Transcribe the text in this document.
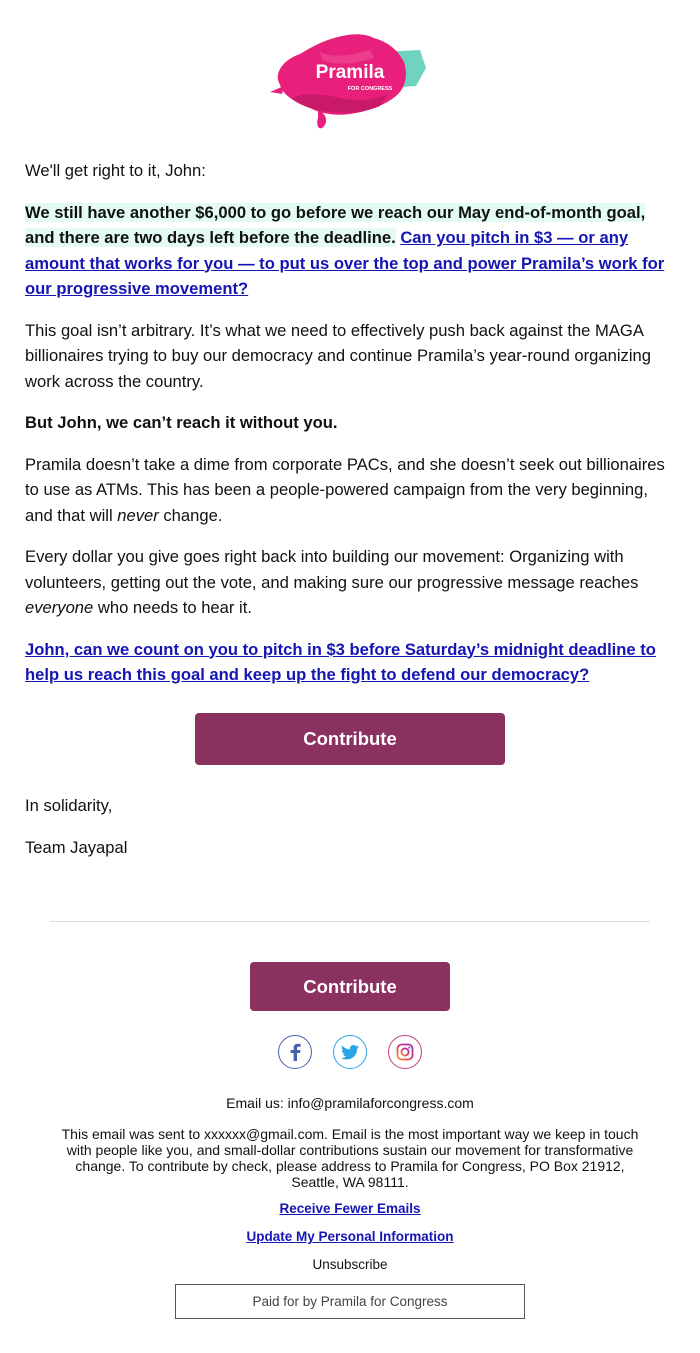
Pramila
FOR CONGRESS

We'll get right to it, John:

We still have another $6,000 to go before we reach our May end-of-month goal, and there are two days left before the deadline. Can you pitch in $3 — or any amount that works for you — to put us over the top and power Pramila’s work for our progressive movement?

This goal isn’t arbitrary. It’s what we need to effectively push back against the MAGA billionaires trying to buy our democracy and continue Pramila’s year-round organizing work across the country.

But John, we can’t reach it without you.

Pramila doesn’t take a dime from corporate PACs, and she doesn’t seek out billionaires to use as ATMs. This has been a people-powered campaign from the very beginning, and that will never change.

Every dollar you give goes right back into building our movement: Organizing with volunteers, getting out the vote, and making sure our progressive message reaches everyone who needs to hear it.

John, can we count on you to pitch in $3 before Saturday’s midnight deadline to help us reach this goal and keep up the fight to defend our democracy?

Contribute

In solidarity,

Team Jayapal

Contribute
Email us: info@pramilaforcongress.com
This email was sent to xxxxxx@gmail.com. Email is the most important way we keep in touch with people like you, and small-dollar contributions sustain our movement for transformative change. To contribute by check, please address to Pramila for Congress, PO Box 21912, Seattle, WA 98111.
Receive Fewer Emails
Update My Personal Information
Unsubscribe
Paid for by Pramila for Congress
